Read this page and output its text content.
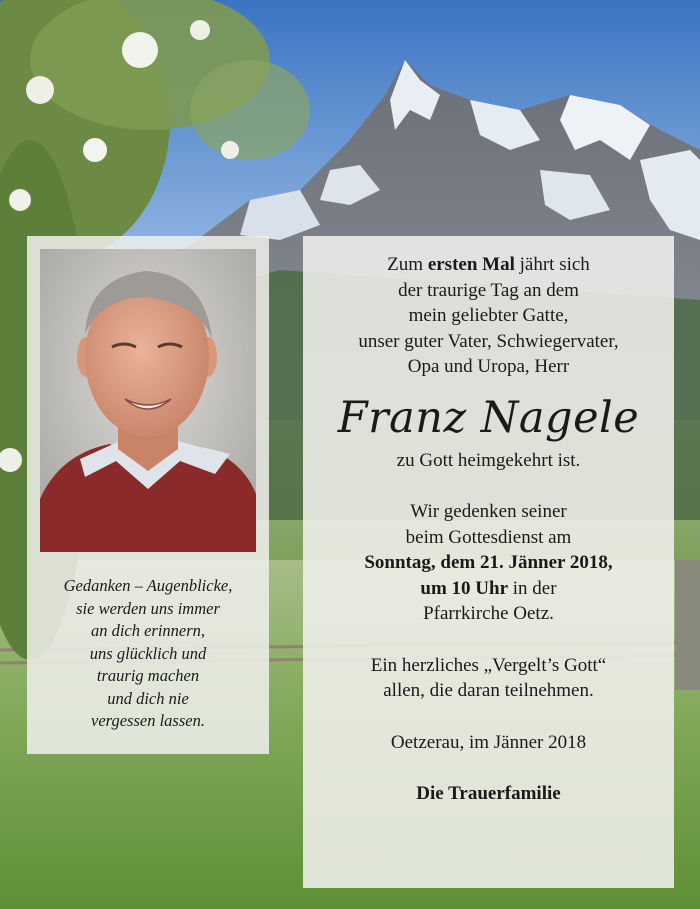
Gedanken – Augenblicke,
sie werden uns immer
an dich erinnern,
uns glücklich und
traurig machen
und dich nie
vergessen lassen.
Zum ersten Mal jährt sich
der traurige Tag an dem
mein geliebter Gatte,
unser guter Vater, Schwiegervater,
Opa und Uropa, Herr
Franz Nagele
zu Gott heimgekehrt ist.
Wir gedenken seiner
beim Gottesdienst am
Sonntag, dem 21. Jänner 2018,
um 10 Uhr in der
Pfarrkirche Oetz.
Ein herzliches „Vergelt’s Gott“
allen, die daran teilnehmen.
Oetzerau, im Jänner 2018
Die Trauerfamilie
